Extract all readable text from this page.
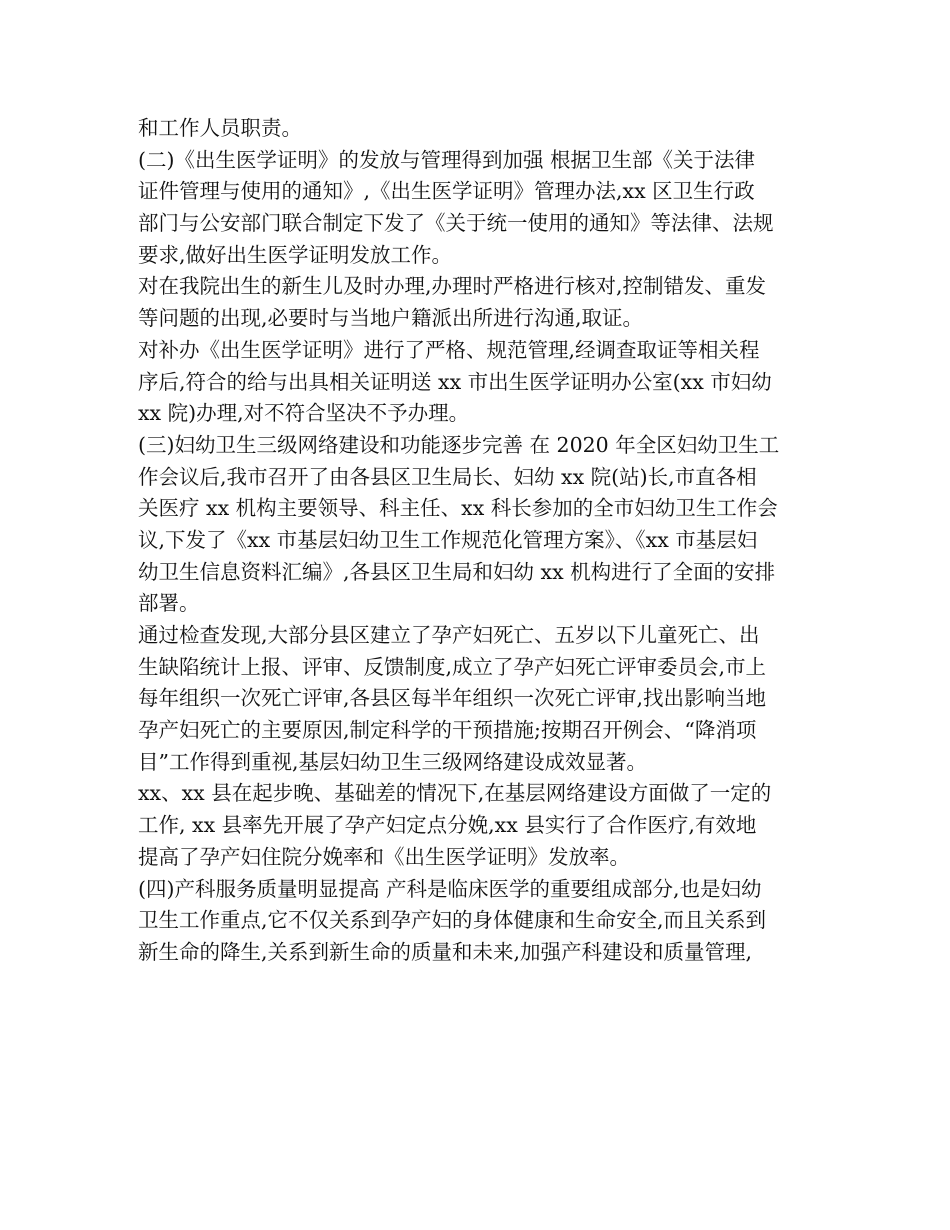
和工作人员职责。
(二)《出生医学证明》的发放与管理得到加强 根据卫生部《关于法律
证件管理与使用的通知》,《出生医学证明》管理办法,xx 区卫生行政
部门与公安部门联合制定下发了《关于统一使用的通知》等法律、法规
要求,做好出生医学证明发放工作。
对在我院出生的新生儿及时办理,办理时严格进行核对,控制错发、重发
等问题的出现,必要时与当地户籍派出所进行沟通,取证。
对补办《出生医学证明》进行了严格、规范管理,经调查取证等相关程
序后,符合的给与出具相关证明送 xx 市出生医学证明办公室(xx 市妇幼
xx 院)办理,对不符合坚决不予办理。
(三)妇幼卫生三级网络建设和功能逐步完善 在 2020 年全区妇幼卫生工
作会议后,我市召开了由各县区卫生局长、妇幼 xx 院(站)长,市直各相
关医疗 xx 机构主要领导、科主任、xx 科长参加的全市妇幼卫生工作会
议,下发了《xx 市基层妇幼卫生工作规范化管理方案》、《xx 市基层妇
幼卫生信息资料汇编》,各县区卫生局和妇幼 xx 机构进行了全面的安排
部署。
通过检查发现,大部分县区建立了孕产妇死亡、五岁以下儿童死亡、出
生缺陷统计上报、评审、反馈制度,成立了孕产妇死亡评审委员会,市上
每年组织一次死亡评审,各县区每半年组织一次死亡评审,找出影响当地
孕产妇死亡的主要原因,制定科学的干预措施;按期召开例会、“降消项
目”工作得到重视,基层妇幼卫生三级网络建设成效显著。
xx、xx 县在起步晚、基础差的情况下,在基层网络建设方面做了一定的
工作, xx 县率先开展了孕产妇定点分娩,xx 县实行了合作医疗,有效地
提高了孕产妇住院分娩率和《出生医学证明》发放率。
(四)产科服务质量明显提高 产科是临床医学的重要组成部分,也是妇幼
卫生工作重点,它不仅关系到孕产妇的身体健康和生命安全,而且关系到
新生命的降生,关系到新生命的质量和未来,加强产科建设和质量管理,
